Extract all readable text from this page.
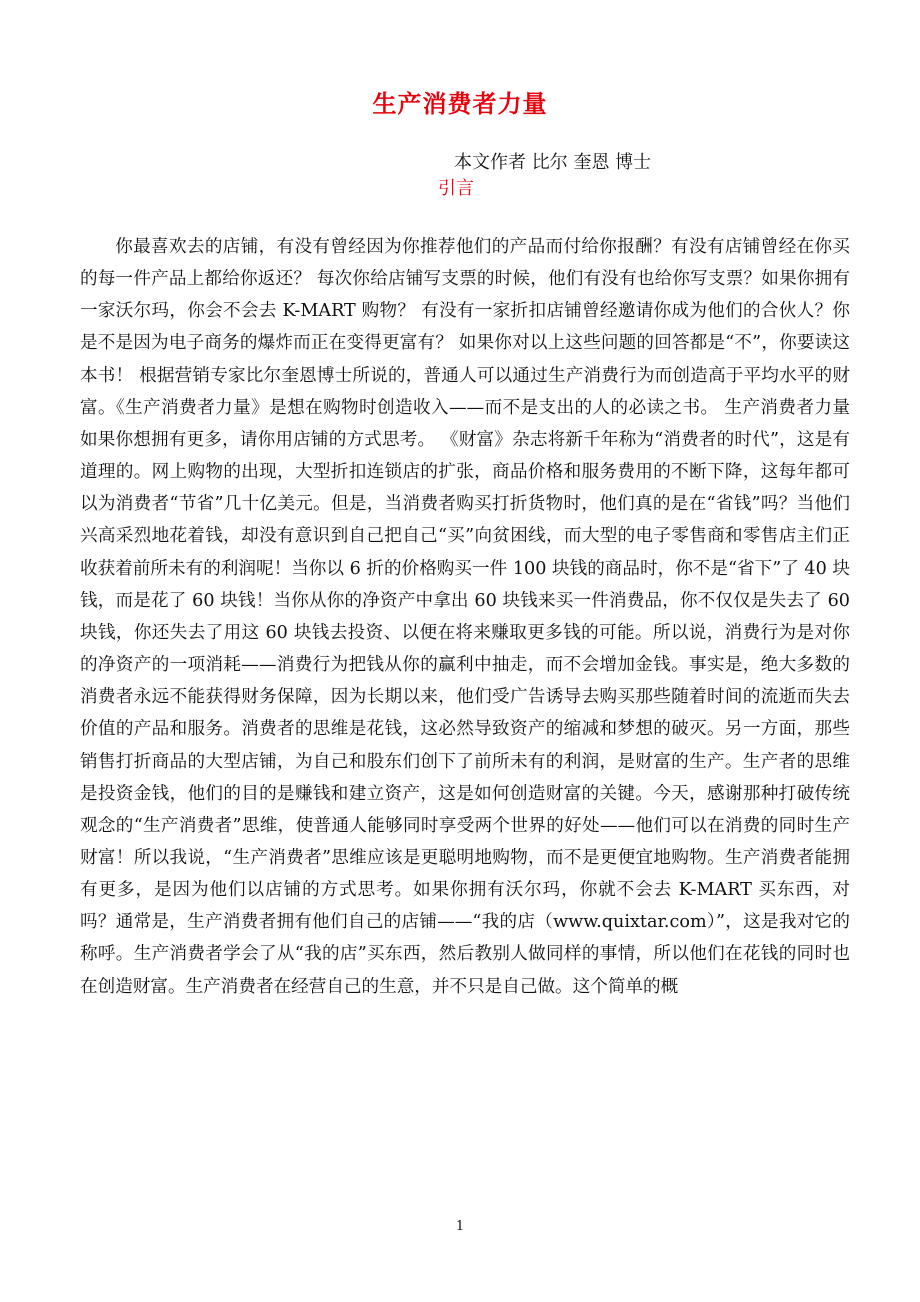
生产消费者力量
本文作者 比尔 奎恩 博士
引言

你最喜欢去的店铺，有没有曾经因为你推荐他们的产品而付给你报酬？有没有店铺曾经在你买的每一件产品上都给你返还？ 每次你给店铺写支票的时候，他们有没有也给你写支票？如果你拥有一家沃尔玛，你会不会去 K-MART 购物？ 有没有一家折扣店铺曾经邀请你成为他们的合伙人？你是不是因为电子商务的爆炸而正在变得更富有？ 如果你对以上这些问题的回答都是“不”，你要读这本书！ 根据营销专家比尔奎恩博士所说的，普通人可以通过生产消费行为而创造高于平均水平的财富。《生产消费者力量》是想在购物时创造收入——而不是支出的人的必读之书。 生产消费者力量 如果你想拥有更多，请你用店铺的方式思考。 《财富》杂志将新千年称为“消费者的时代”，这是有道理的。网上购物的出现，大型折扣连锁店的扩张，商品价格和服务费用的不断下降，这每年都可以为消费者“节省”几十亿美元。但是，当消费者购买打折货物时，他们真的是在“省钱”吗？当他们兴高采烈地花着钱，却没有意识到自己把自己“买”向贫困线，而大型的电子零售商和零售店主们正收获着前所未有的利润呢！当你以 6 折的价格购买一件 100 块钱的商品时，你不是“省下”了 40 块钱，而是花了 60 块钱！当你从你的净资产中拿出 60 块钱来买一件消费品，你不仅仅是失去了 60 块钱，你还失去了用这 60 块钱去投资、以便在将来赚取更多钱的可能。所以说，消费行为是对你的净资产的一项消耗——消费行为把钱从你的赢利中抽走，而不会增加金钱。事实是，绝大多数的消费者永远不能获得财务保障，因为长期以来，他们受广告诱导去购买那些随着时间的流逝而失去价值的产品和服务。消费者的思维是花钱，这必然导致资产的缩减和梦想的破灭。另一方面，那些销售打折商品的大型店铺，为自己和股东们创下了前所未有的利润，是财富的生产。生产者的思维是投资金钱，他们的目的是赚钱和建立资产，这是如何创造财富的关键。今天，感谢那种打破传统观念的“生产消费者”思维，使普通人能够同时享受两个世界的好处——他们可以在消费的同时生产财富！所以我说，“生产消费者”思维应该是更聪明地购物，而不是更便宜地购物。生产消费者能拥有更多，是因为他们以店铺的方式思考。如果你拥有沃尔玛，你就不会去 K-MART 买东西，对吗？通常是，生产消费者拥有他们自己的店铺——“我的店（www.quixtar.com）”，这是我对它的称呼。生产消费者学会了从“我的店”买东西，然后教别人做同样的事情，所以他们在花钱的同时也在创造财富。生产消费者在经营自己的生意，并不只是自己做。这个简单的概

1
